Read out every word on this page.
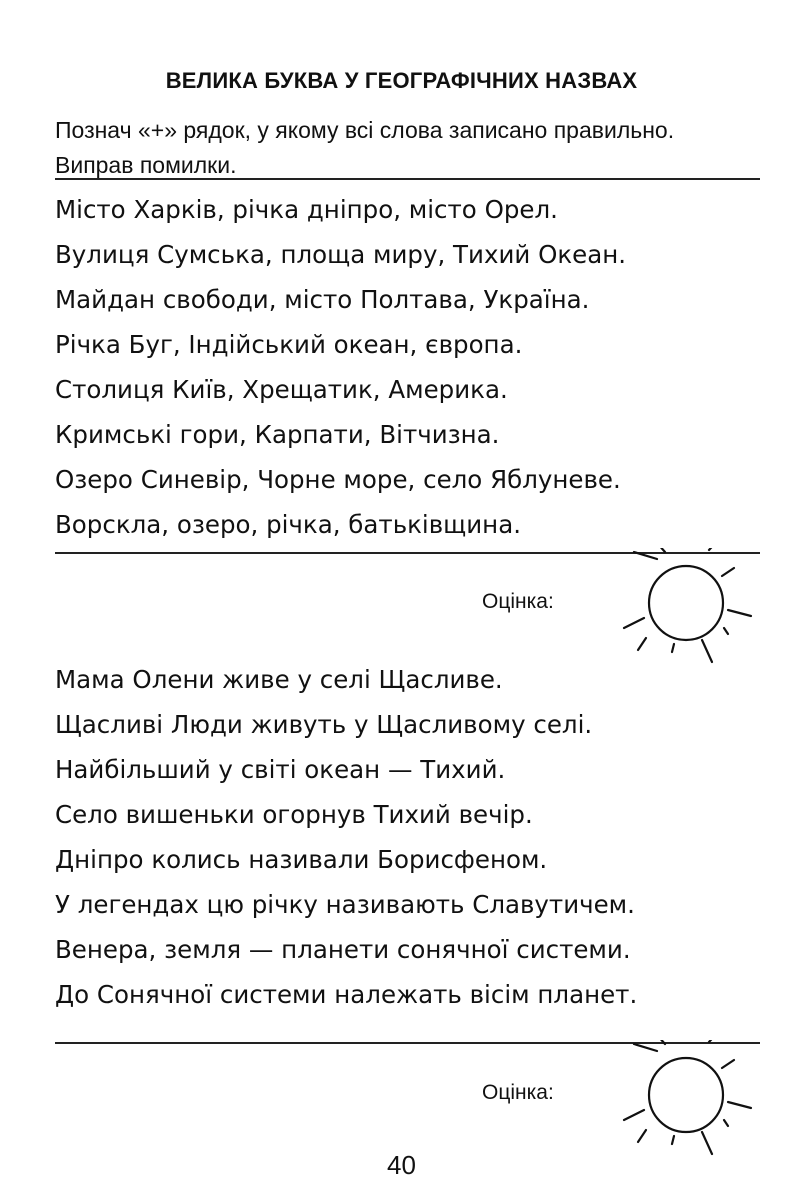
ВЕЛИКА БУКВА У ГЕОГРАФІЧНИХ НАЗВАХ
Познач «+» рядок, у якому всі слова записано правильно.
Виправ помилки.
Місто Харків, річка дніпро, місто Орел.
Вулиця Сумська, площа миру, Тихий Океан.
Майдан свободи, місто Полтава, Україна.
Річка Буг, Індійський океан, європа.
Столиця Київ, Хрещатик, Америка.
Кримські гори, Карпати, Вітчизна.
Озеро Синевір, Чорне море, село Яблуневе.
Ворскла, озеро, річка, батьківщина.
Оцінка:
Мама Олени живе у селі Щасливе.
Щасливі Люди живуть у Щасливому селі.
Найбільший у світі океан — Тихий.
Село вишеньки огорнув Тихий вечір.
Дніпро колись називали Борисфеном.
У легендах цю річку називають Славутичем.
Венера, земля — планети сонячної системи.
До Сонячної системи належать вісім планет.
Оцінка:
40
